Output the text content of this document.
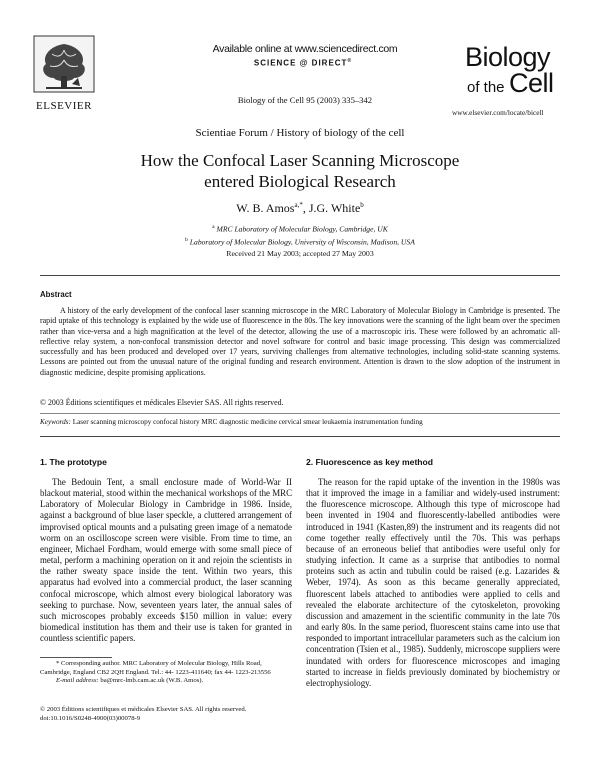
ELSEVIER
Available online at www.sciencedirect.com
SCIENCE @ DIRECT®
Biology of the Cell 95 (2003) 335–342
Biology
of the Cell
www.elsevier.com/locate/bicell
Scientiae Forum / History of biology of the cell
How the Confocal Laser Scanning Microscope
entered Biological Research
W. B. Amos$^{a,*}$, J.G. White$^b$
$^a$ MRC Laboratory of Molecular Biology, Cambridge, UK
$^b$ Laboratory of Molecular Biology, University of Wisconsin, Madison, USA
Received 21 May 2003; accepted 27 May 2003
Abstract
A history of the early development of the confocal laser scanning microscope in the MRC Laboratory of Molecular Biology in Cambridge is presented. The rapid uptake of this technology is explained by the wide use of fluorescence in the 80s. The key innovations were the scanning of the light beam over the specimen rather than vice-versa and a high magnification at the level of the detector, allowing the use of a macroscopic iris. These were followed by an achromatic all-reflective relay system, a non-confocal transmission detector and novel software for control and basic image processing. This design was commercialized successfully and has been produced and developed over 17 years, surviving challenges from alternative technologies, including solid-state scanning systems. Lessons are pointed out from the unusual nature of the original funding and research environment. Attention is drawn to the slow adoption of the instrument in diagnostic medicine, despite promising applications.
© 2003 Éditions scientifiques et médicales Elsevier SAS. All rights reserved.
Keywords: Laser scanning microscopy confocal history MRC diagnostic medicine cervical smear leukaemia instrumentation funding
1. The prototype

The Bedouin Tent, a small enclosure made of World-War II blackout material, stood within the mechanical workshops of the MRC Laboratory of Molecular Biology in Cambridge in 1986. Inside, against a background of blue laser speckle, a cluttered arrangement of improvised optical mounts and a pulsating green image of a nematode worm on an oscilloscope screen were visible. From time to time, an engineer, Michael Fordham, would emerge with some small piece of metal, perform a machining operation on it and rejoin the scientists in the rather sweaty space inside the tent. Within two years, this apparatus had evolved into a commercial product, the laser scanning confocal microscope, which almost every biological laboratory was seeking to purchase. Now, seventeen years later, the annual sales of such microscopes probably exceeds $150 million in value: every biomedical institution has them and their use is taken for granted in countless scientific papers.

* Corresponding author. MRC Laboratory of Molecular Biology, Hills Road, Cambridge, England CB2 2QH England. Tel.: 44- 1223-411640; fax 44- 1223-213556

E-mail address: ba@mrc-lmb.cam.ac.uk (W.B. Amos).

© 2003 Éditions scientifiques et médicales Elsevier SAS. All rights reserved.

doi:10.1016/S0248-4900(03)00078-9

2. Fluorescence as key method

The reason for the rapid uptake of the invention in the 1980s was that it improved the image in a familiar and widely-used instrument: the fluorescence microscope. Although this type of microscope had been invented in 1904 and fluorescently-labelled antibodies were introduced in 1941 (Kasten,89) the instrument and its reagents did not come together really effectively until the 70s. This was perhaps because of an erroneous belief that antibodies were useful only for studying infection. It came as a surprise that antibodies to normal proteins such as actin and tubulin could be raised (e.g. Lazarides & Weber, 1974). As soon as this became generally appreciated, fluorescent labels attached to antibodies were applied to cells and revealed the elaborate architecture of the cytoskeleton, provoking discussion and amazement in the scientific community in the late 70s and early 80s. In the same period, fluorescent stains came into use that responded to important intracellular parameters such as the calcium ion concentration (Tsien et al., 1985). Suddenly, microscope suppliers were inundated with orders for fluorescence microscopes and imaging started to increase in fields previously dominated by biochemistry or electrophysiology.
